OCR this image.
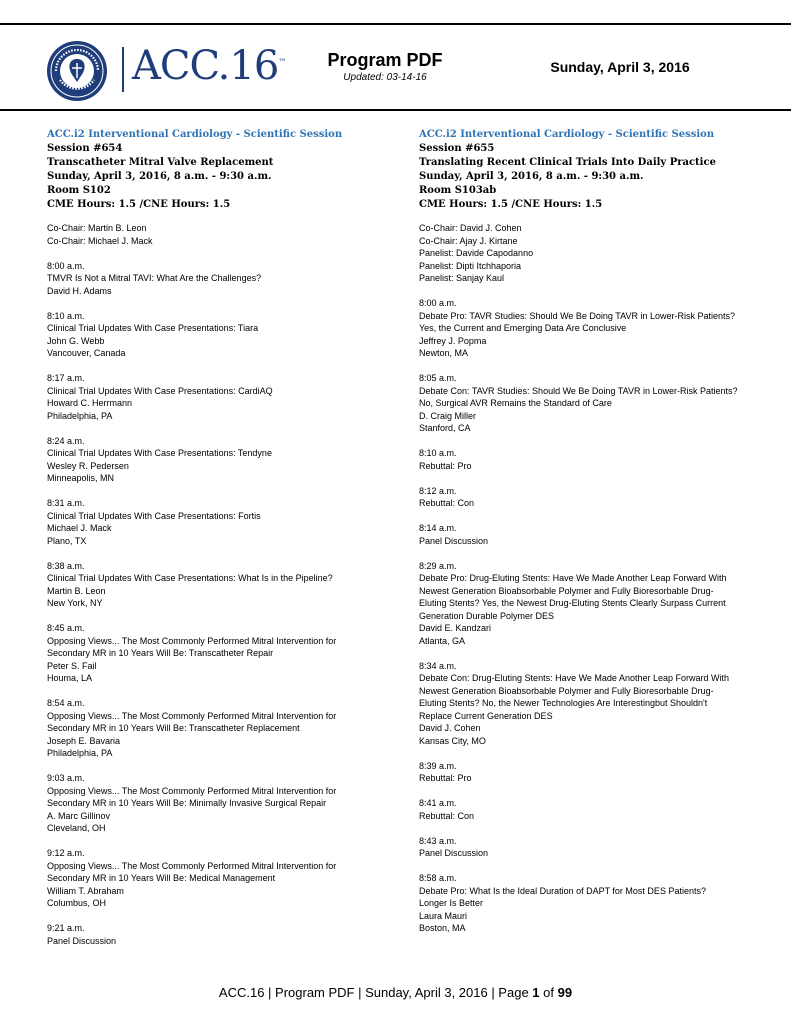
ACC.16™ Program PDF
Updated: 03-14-16
Sunday, April 3, 2016
ACC.i2 Interventional Cardiology - Scientific Session
Session #654
Transcatheter Mitral Valve Replacement
Sunday, April 3, 2016, 8 a.m. - 9:30 a.m.
Room S102
CME Hours: 1.5 /CNE Hours: 1.5
Co-Chair: Martin B. Leon
Co-Chair: Michael J. Mack
8:00 a.m.
TMVR Is Not a Mitral TAVI: What Are the Challenges?
David H. Adams
8:10 a.m.
Clinical Trial Updates With Case Presentations: Tiara
John G. Webb
Vancouver, Canada
8:17 a.m.
Clinical Trial Updates With Case Presentations: CardiAQ
Howard C. Herrmann
Philadelphia, PA
8:24 a.m.
Clinical Trial Updates With Case Presentations: Tendyne
Wesley R. Pedersen
Minneapolis, MN
8:31 a.m.
Clinical Trial Updates With Case Presentations: Fortis
Michael J. Mack
Plano, TX
8:38 a.m.
Clinical Trial Updates With Case Presentations: What Is in the Pipeline?
Martin B. Leon
New York, NY
8:45 a.m.
Opposing Views... The Most Commonly Performed Mitral Intervention for
Secondary MR in 10 Years Will Be: Transcatheter Repair
Peter S. Fail
Houma, LA
8:54 a.m.
Opposing Views... The Most Commonly Performed Mitral Intervention for
Secondary MR in 10 Years Will Be: Transcatheter Replacement
Joseph E. Bavaria
Philadelphia, PA
9:03 a.m.
Opposing Views... The Most Commonly Performed Mitral Intervention for
Secondary MR in 10 Years Will Be: Minimally Invasive Surgical Repair
A. Marc Gillinov
Cleveland, OH
9:12 a.m.
Opposing Views... The Most Commonly Performed Mitral Intervention for
Secondary MR in 10 Years Will Be: Medical Management
William T. Abraham
Columbus, OH
9:21 a.m.
Panel Discussion
ACC.i2 Interventional Cardiology - Scientific Session
Session #655
Translating Recent Clinical Trials Into Daily Practice
Sunday, April 3, 2016, 8 a.m. - 9:30 a.m.
Room S103ab
CME Hours: 1.5 /CNE Hours: 1.5
Co-Chair: David J. Cohen
Co-Chair: Ajay J. Kirtane
Panelist: Davide Capodanno
Panelist: Dipti Itchhaporia
Panelist: Sanjay Kaul
8:00 a.m.
Debate Pro: TAVR Studies: Should We Be Doing TAVR in Lower-Risk Patients?
Yes, the Current and Emerging Data Are Conclusive
Jeffrey J. Popma
Newton, MA
8:05 a.m.
Debate Con: TAVR Studies: Should We Be Doing TAVR in Lower-Risk Patients?
No, Surgical AVR Remains the Standard of Care
D. Craig Miller
Stanford, CA
8:10 a.m.
Rebuttal: Pro
8:12 a.m.
Rebuttal: Con
8:14 a.m.
Panel Discussion
8:29 a.m.
Debate Pro: Drug-Eluting Stents: Have We Made Another Leap Forward With
Newest Generation Bioabsorbable Polymer and Fully Bioresorbable Drug-
Eluting Stents? Yes, the Newest Drug-Eluting Stents Clearly Surpass Current
Generation Durable Polymer DES
David E. Kandzari
Atlanta, GA
8:34 a.m.
Debate Con: Drug-Eluting Stents: Have We Made Another Leap Forward With
Newest Generation Bioabsorbable Polymer and Fully Bioresorbable Drug-
Eluting Stents? No, the Newer Technologies Are Interestingbut Shouldn't
Replace Current Generation DES
David J. Cohen
Kansas City, MO
8:39 a.m.
Rebuttal: Pro
8:41 a.m.
Rebuttal: Con
8:43 a.m.
Panel Discussion
8:58 a.m.
Debate Pro: What Is the Ideal Duration of DAPT for Most DES Patients?
Longer Is Better
Laura Mauri
Boston, MA
ACC.16 | Program PDF | Sunday, April 3, 2016 | Page 1 of 99
